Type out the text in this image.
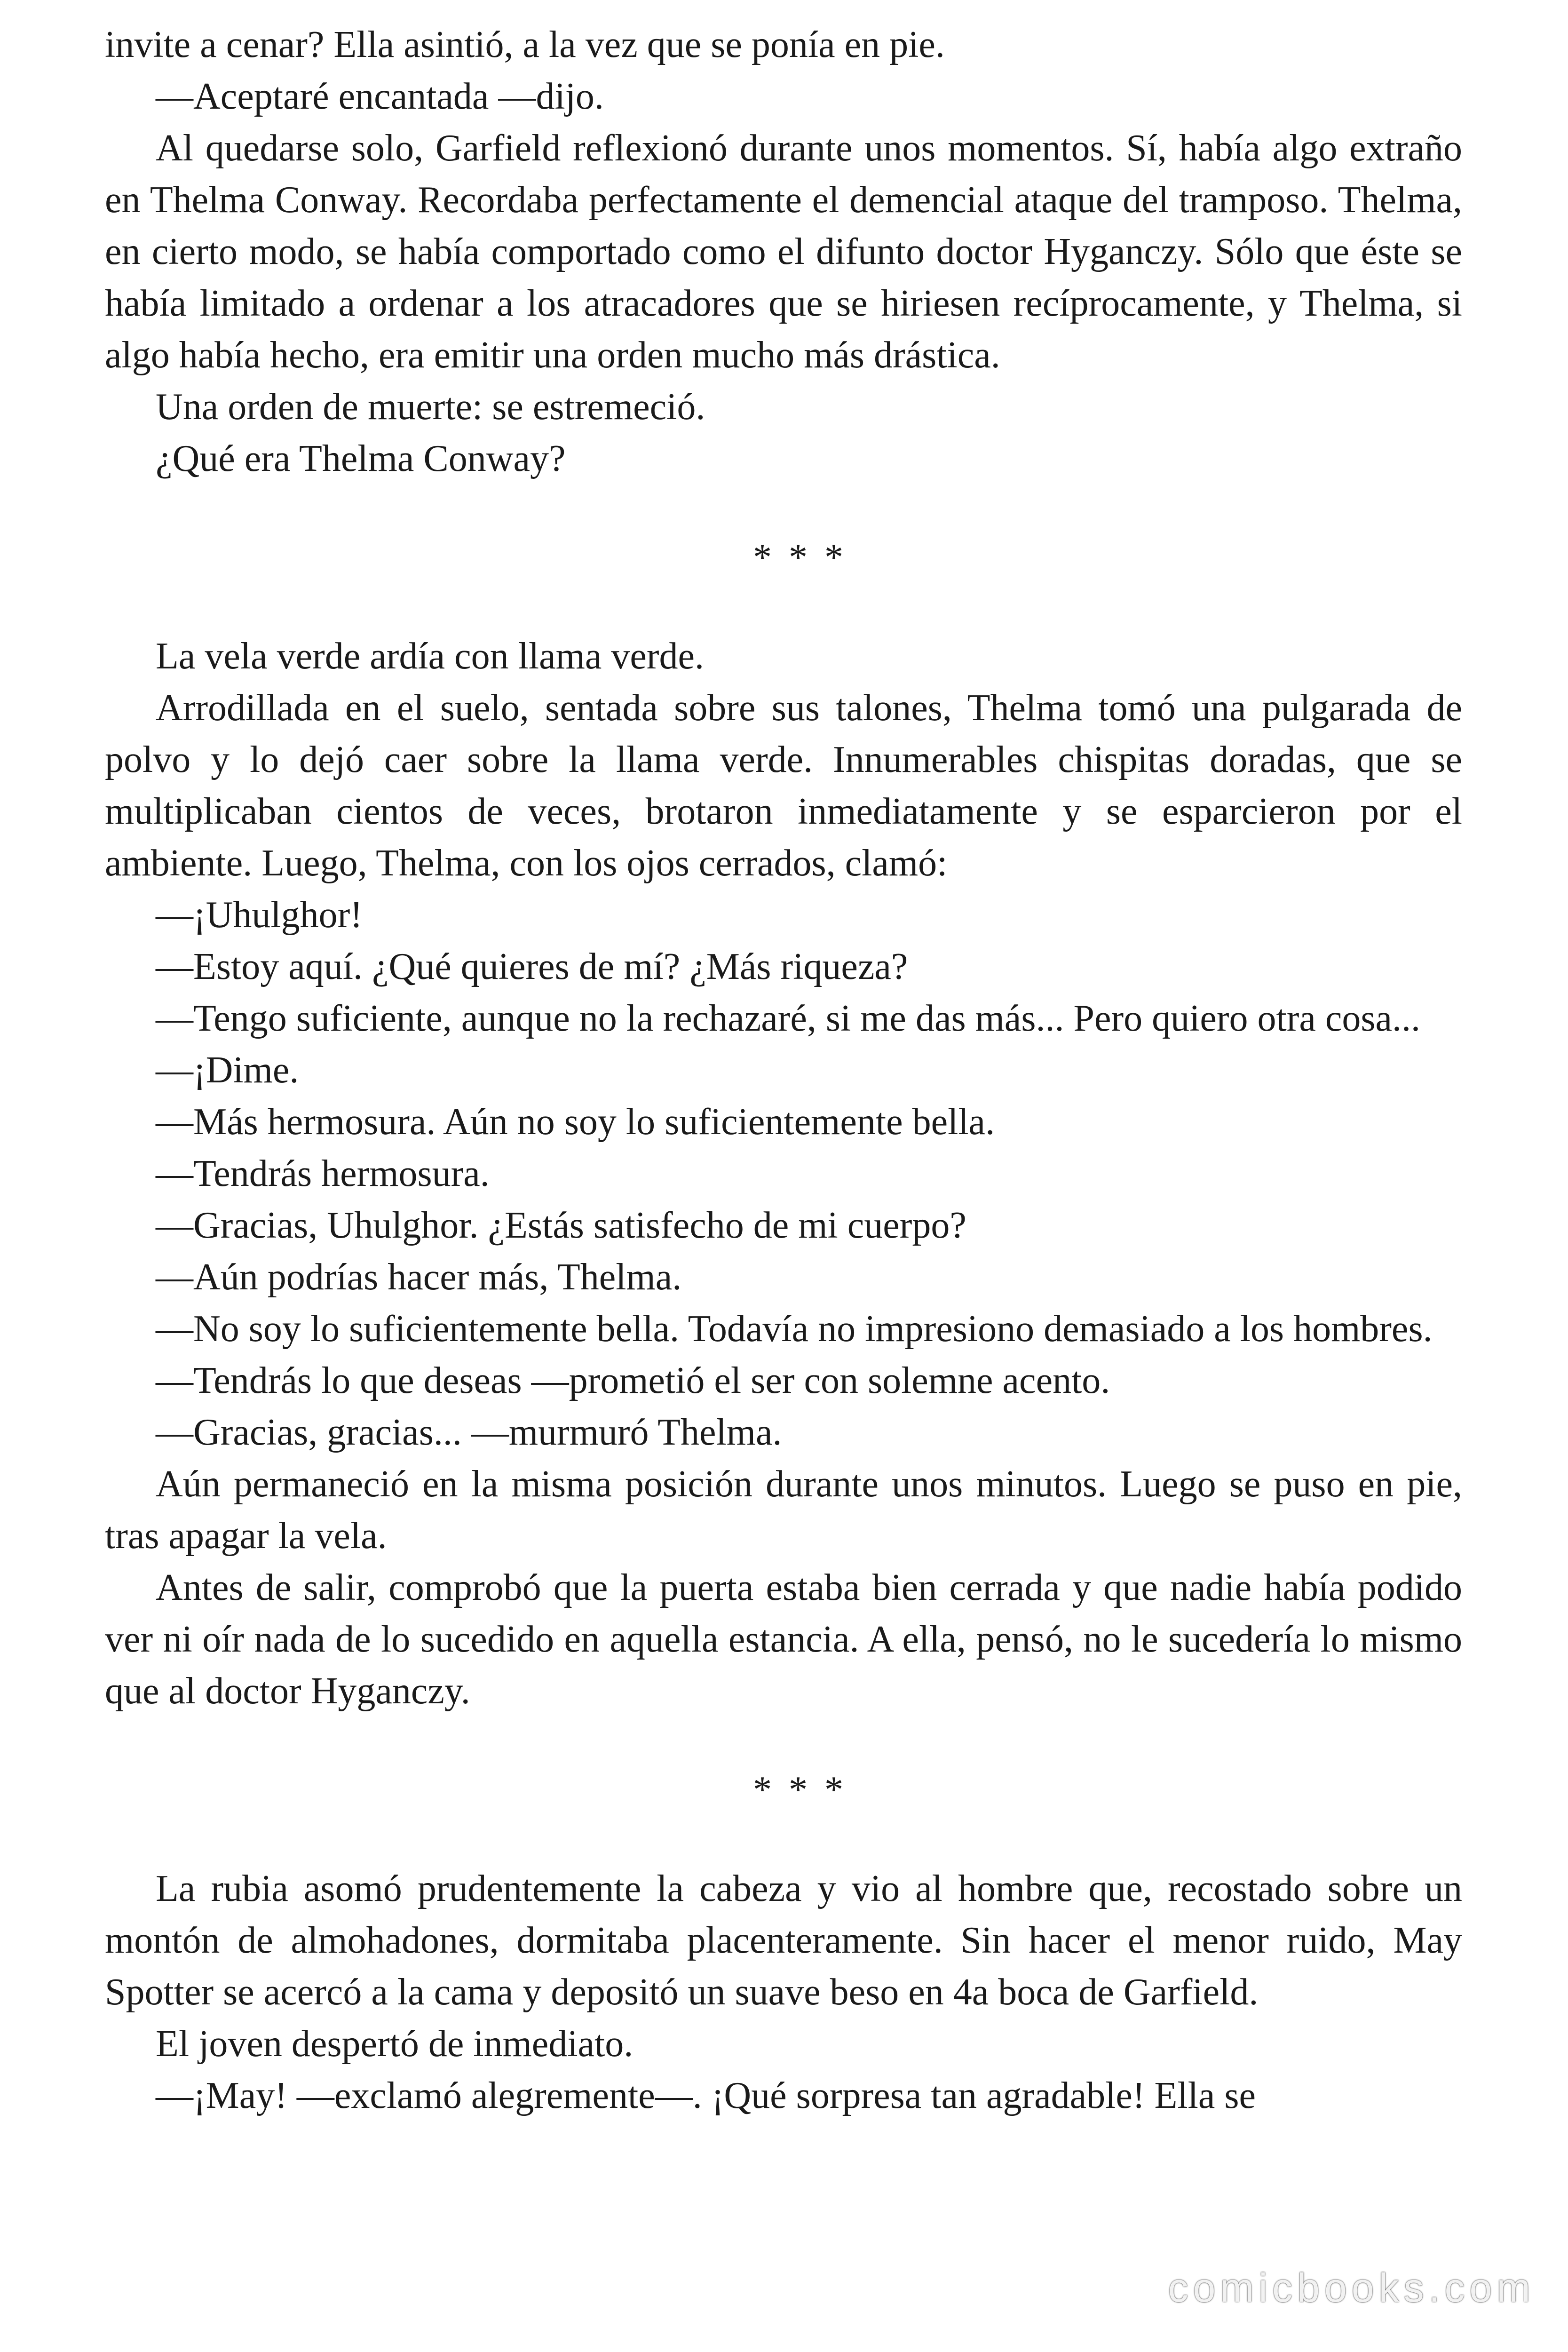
invite a cenar? Ella asintió, a la vez que se ponía en pie.

—Aceptaré encantada —dijo.

Al quedarse solo, Garfield reflexionó durante unos momentos. Sí, había algo extraño en Thelma Conway. Recordaba perfectamente el demencial ataque del tramposo. Thelma, en cierto modo, se había comportado como el difunto doctor Hyganczy. Sólo que éste se había limitado a ordenar a los atracadores que se hiriesen recíprocamente, y Thelma, si algo había hecho, era emitir una orden mucho más drástica.

Una orden de muerte: se estremeció.

¿Qué era Thelma Conway?

* * *

La vela verde ardía con llama verde.

Arrodillada en el suelo, sentada sobre sus talones, Thelma tomó una pulgarada de polvo y lo dejó caer sobre la llama verde. Innumerables chispitas doradas, que se multiplicaban cientos de veces, brotaron inmediatamente y se esparcieron por el ambiente. Luego, Thelma, con los ojos cerrados, clamó:

—¡Uhulghor!

—Estoy aquí. ¿Qué quieres de mí? ¿Más riqueza?

—Tengo suficiente, aunque no la rechazaré, si me das más... Pero quiero otra cosa...

—¡Dime.

—Más hermosura. Aún no soy lo suficientemente bella.

—Tendrás hermosura.

—Gracias, Uhulghor. ¿Estás satisfecho de mi cuerpo?

—Aún podrías hacer más, Thelma.

—No soy lo suficientemente bella. Todavía no impresiono demasiado a los hombres.

—Tendrás lo que deseas —prometió el ser con solemne acento.

—Gracias, gracias... —murmuró Thelma.

Aún permaneció en la misma posición durante unos minutos. Luego se puso en pie, tras apagar la vela.

Antes de salir, comprobó que la puerta estaba bien cerrada y que nadie había podido ver ni oír nada de lo sucedido en aquella estancia. A ella, pensó, no le sucedería lo mismo que al doctor Hyganczy.

* * *

La rubia asomó prudentemente la cabeza y vio al hombre que, recostado sobre un montón de almohadones, dormitaba placenteramente. Sin hacer el menor ruido, May Spotter se acercó a la cama y depositó un suave beso en 4a boca de Garfield.

El joven despertó de inmediato.

—¡May! —exclamó alegremente—. ¡Qué sorpresa tan agradable! Ella se

comicbooks.com
